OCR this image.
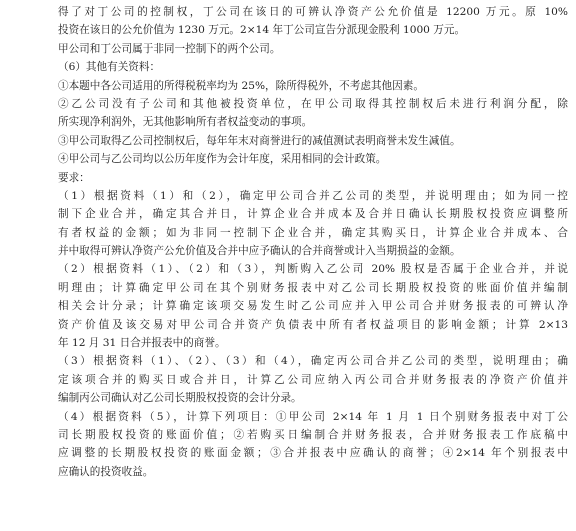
得了对丁公司的控制权，丁公司在该日的可辨认净资产公允价值是 12200 万元。原 10%
投资在该日的公允价值为 1230 万元。2×14 年丁公司宣告分派现金股利 1000 万元。
甲公司和丁公司属于非同一控制下的两个公司。
（6）其他有关资料：
①本题中各公司适用的所得税税率均为 25%，除所得税外，不考虑其他因素。
②乙公司没有子公司和其他被投资单位，在甲公司取得其控制权后未进行利润分配，除
所实现净利润外，无其他影响所有者权益变动的事项。
③甲公司取得乙公司控制权后，每年年末对商誉进行的减值测试表明商誉未发生减值。
④甲公司与乙公司均以公历年度作为会计年度，采用相同的会计政策。
要求：
（1）根据资料（1）和（2），确定甲公司合并乙公司的类型，并说明理由；如为同一控
制下企业合并，确定其合并日，计算企业合并成本及合并日确认长期股权投资应调整所
有者权益的金额；如为非同一控制下企业合并，确定其购买日，计算企业合并成本、合
并中取得可辨认净资产公允价值及合并中应予确认的合并商誉或计入当期损益的金额。
（2）根据资料（1）、（2）和（3），判断购入乙公司 20% 股权是否属于企业合并，并说
明理由；计算确定甲公司在其个别财务报表中对乙公司长期股权投资的账面价值并编制
相关会计分录；计算确定该项交易发生时乙公司应并入甲公司合并财务报表的可辨认净
资产价值及该交易对甲公司合并资产负债表中所有者权益项目的影响金额；计算 2×13
年 12 月 31 日合并报表中的商誉。
（3）根据资料（1）、（2）、（3）和（4），确定丙公司合并乙公司的类型，说明理由；确
定该项合并的购买日或合并日，计算乙公司应纳入丙公司合并财务报表的净资产价值并
编制丙公司确认对乙公司长期股权投资的会计分录。
（4）根据资料（5），计算下列项目：①甲公司 2×14 年 1 月 1 日个别财务报表中对丁公
司长期股权投资的账面价值；②若购买日编制合并财务报表，合并财务报表工作底稿中
应调整的长期股权投资的账面金额；③合并报表中应确认的商誉；④2×14 年个别报表中
应确认的投资收益。
